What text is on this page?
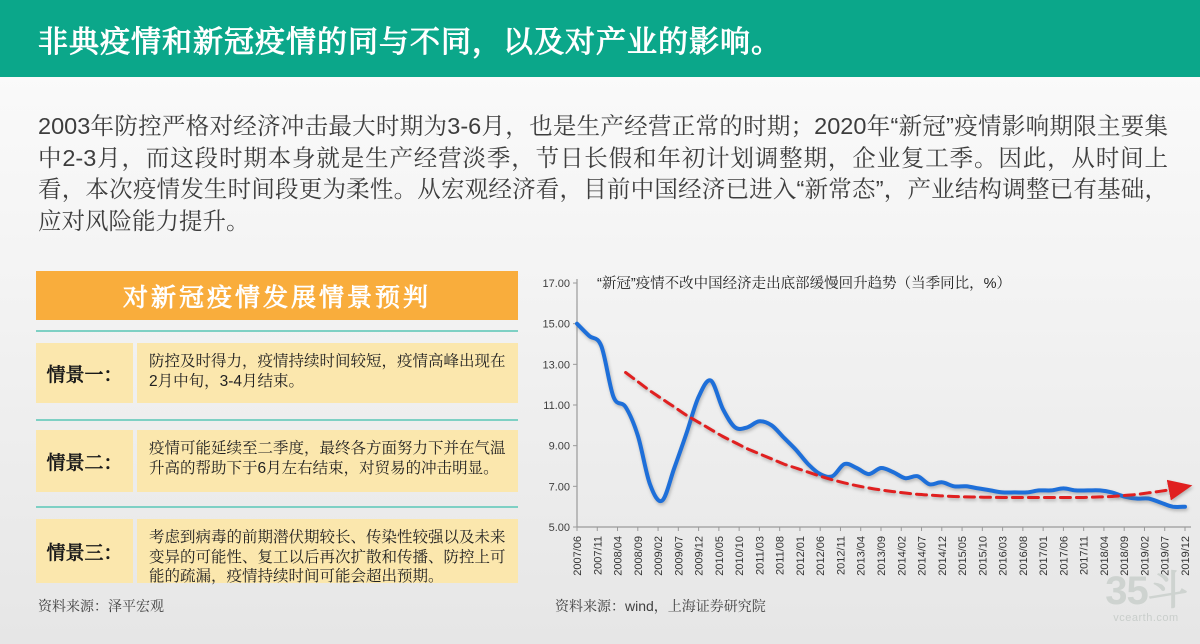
非典疫情和新冠疫情的同与不同，以及对产业的影响。
2003年防控严格对经济冲击最大时期为3-6月，也是生产经营正常的时期；2020年“新冠”疫情影响期限主要集中2-3月，而这段时期本身就是生产经营淡季，节日长假和年初计划调整期，企业复工季。因此，从时间上看，本次疫情发生时间段更为柔性。从宏观经济看，目前中国经济已进入“新常态”，产业结构调整已有基础，应对风险能力提升。
对新冠疫情发展情景预判
情景一：
防控及时得力，疫情持续时间较短，疫情高峰出现在2月中旬，3-4月结束。
情景二：
疫情可能延续至二季度，最终各方面努力下并在气温升高的帮助下于6月左右结束，对贸易的冲击明显。
情景三：
考虑到病毒的前期潜伏期较长、传染性较强以及未来变异的可能性、复工以后再次扩散和传播、防控上可能的疏漏，疫情持续时间可能会超出预期。
资料来源：泽平宏观	资料来源：wind，上海证券研究院
17.00
15.00
13.00
11.00
9.00
7.00
5.00
2007/06 2007/11 2008/04 2008/09 2009/02 2009/07 2009/12 2010/05 2010/10 2011/03 2011/08 2012/01 2012/06 2012/11 2013/04 2013/09 2014/02 2014/07 2014/12 2015/05 2015/10 2016/03 2016/08 2017/01 2017/06 2017/11 2018/04 2018/09 2019/02 2019/07 2019/12
“新冠”疫情不改中国经济走出底部缓慢回升趋势（当季同比，%）
35斗
vcearth.com
